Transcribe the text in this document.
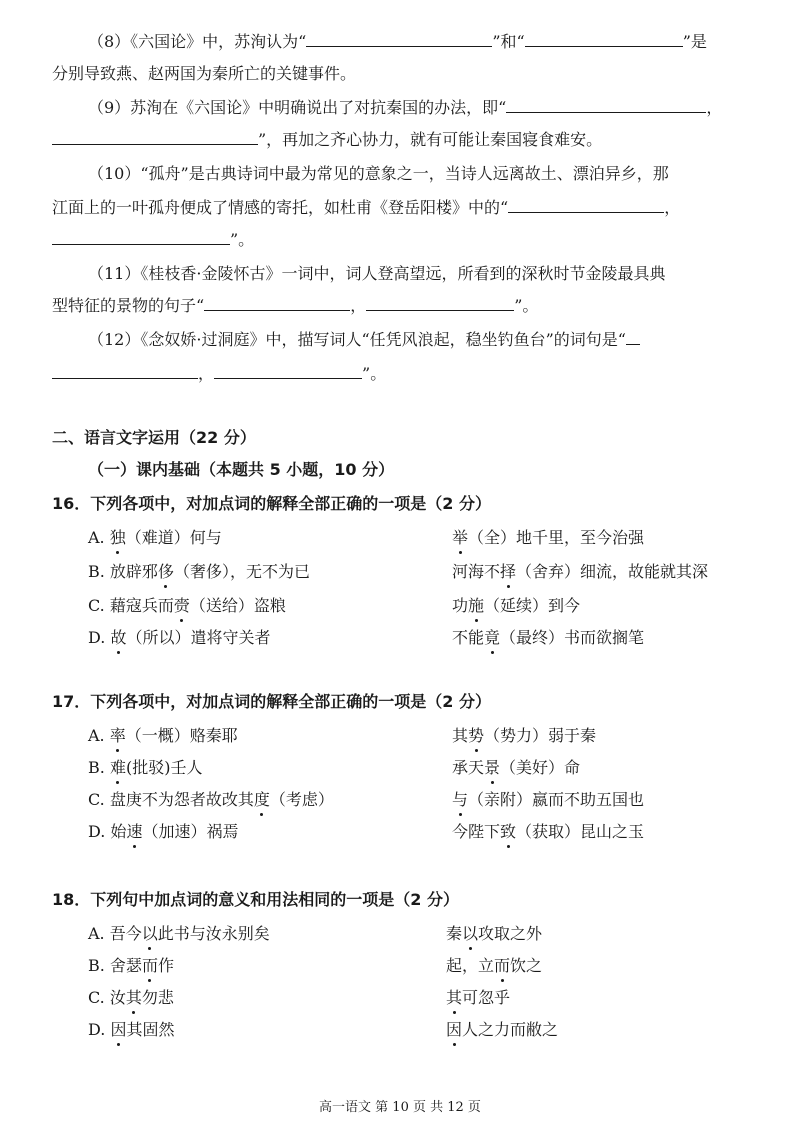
（8）《六国论》中，苏洵认为“	”和“	”是
分别导致燕、赵两国为秦所亡的关键事件。
（9）苏洵在《六国论》中明确说出了对抗秦国的办法，即“	，
”，再加之齐心协力，就有可能让秦国寝食难安。
（10）“孤舟”是古典诗词中最为常见的意象之一，当诗人远离故土、漂泊异乡，那
江面上的一叶孤舟便成了情感的寄托，如杜甫《登岳阳楼》中的“	，
”。
（11）《桂枝香·金陵怀古》一词中，词人登高望远，所看到的深秋时节金陵最具典
型特征的景物的句子“	，	”。
（12）《念奴娇·过洞庭》中，描写词人“任凭风浪起，稳坐钓鱼台”的词句是“
，	”。
二、语言文字运用（22 分）
（一）课内基础（本题共 5 小题，10 分）
16．下列各项中，对加点词的解释全部正确的一项是（2 分）
A. 独（难道）何与	举（全）地千里，至今治强
B. 放辟邪侈（奢侈），无不为已	河海不择（舍弃）细流，故能就其深
C. 藉寇兵而赍（送给）盗粮	功施（延续）到今
D. 故（所以）遣将守关者	不能竟（最终）书而欲搁笔
17．下列各项中，对加点词的解释全部正确的一项是（2 分）
A. 率（一概）赂秦耶	其势（势力）弱于秦
B. 难(批驳)壬人	承天景（美好）命
C. 盘庚不为怨者故改其度（考虑）	与（亲附）嬴而不助五国也
D. 始速（加速）祸焉	今陛下致（获取）昆山之玉
18．下列句中加点词的意义和用法相同的一项是（2 分）
A. 吾今以此书与汝永别矣	秦以攻取之外
B. 舍瑟而作	起，立而饮之
C. 汝其勿悲	其可忽乎
D. 因其固然	因人之力而敝之
高一语文 第 10 页 共 12 页
